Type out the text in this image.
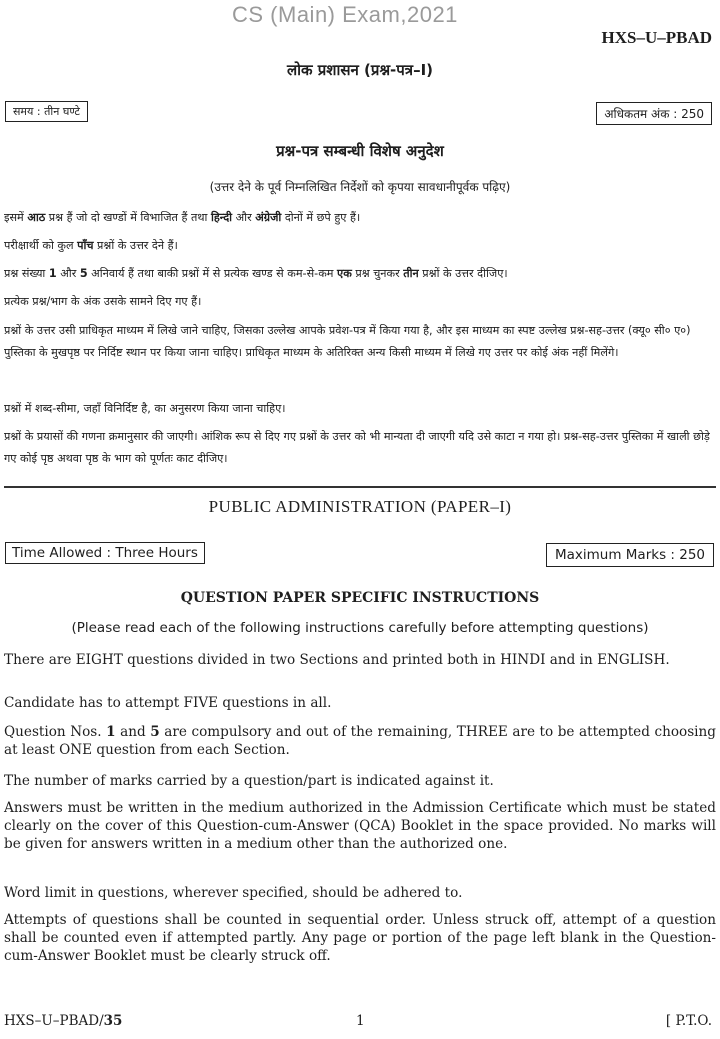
CS (Main) Exam,2021
HXS–U–PBAD
लोक प्रशासन (प्रश्न-पत्र–I)
समय : तीन घण्टे	अधिकतम अंक : 250
प्रश्न-पत्र सम्बन्धी विशेष अनुदेश
(उत्तर देने के पूर्व निम्नलिखित निर्देशों को कृपया सावधानीपूर्वक पढ़िए)

इसमें आठ प्रश्न हैं जो दो खण्डों में विभाजित हैं तथा हिन्दी और अंग्रेजी दोनों में छपे हुए हैं।

परीक्षार्थी को कुल पाँच प्रश्नों के उत्तर देने हैं।

प्रश्न संख्या 1 और 5 अनिवार्य हैं तथा बाकी प्रश्नों में से प्रत्येक खण्ड से कम-से-कम एक प्रश्न चुनकर तीन प्रश्नों के उत्तर दीजिए।

प्रत्येक प्रश्न/भाग के अंक उसके सामने दिए गए हैं।

प्रश्नों के उत्तर उसी प्राधिकृत माध्यम में लिखे जाने चाहिए, जिसका उल्लेख आपके प्रवेश-पत्र में किया गया है, और इस माध्यम का स्पष्ट उल्लेख प्रश्न-सह-उत्तर (क्यू० सी० ए०) पुस्तिका के मुखपृष्ठ पर निर्दिष्ट स्थान पर किया जाना चाहिए। प्राधिकृत माध्यम के अतिरिक्त अन्य किसी माध्यम में लिखे गए उत्तर पर कोई अंक नहीं मिलेंगे।

प्रश्नों में शब्द-सीमा, जहाँ विनिर्दिष्ट है, का अनुसरण किया जाना चाहिए।

प्रश्नों के प्रयासों की गणना क्रमानुसार की जाएगी। आंशिक रूप से दिए गए प्रश्नों के उत्तर को भी मान्यता दी जाएगी यदि उसे काटा न गया हो। प्रश्न-सह-उत्तर पुस्तिका में खाली छोड़े गए कोई पृष्ठ अथवा पृष्ठ के भाग को पूर्णतः काट दीजिए।

PUBLIC ADMINISTRATION (PAPER–I)
Time Allowed : Three Hours	Maximum Marks : 250
QUESTION PAPER SPECIFIC INSTRUCTIONS
(Please read each of the following instructions carefully before attempting questions)

There are EIGHT questions divided in two Sections and printed both in HINDI and in ENGLISH.

Candidate has to attempt FIVE questions in all.

Question Nos. 1 and 5 are compulsory and out of the remaining, THREE are to be attempted choosing at least ONE question from each Section.

The number of marks carried by a question/part is indicated against it.

Answers must be written in the medium authorized in the Admission Certificate which must be stated clearly on the cover of this Question-cum-Answer (QCA) Booklet in the space provided. No marks will be given for answers written in a medium other than the authorized one.

Word limit in questions, wherever specified, should be adhered to.

Attempts of questions shall be counted in sequential order. Unless struck off, attempt of a question shall be counted even if attempted partly. Any page or portion of the page left blank in the Question-cum-Answer Booklet must be clearly struck off.

HXS–U–PBAD/35	1	[ P.T.O.
